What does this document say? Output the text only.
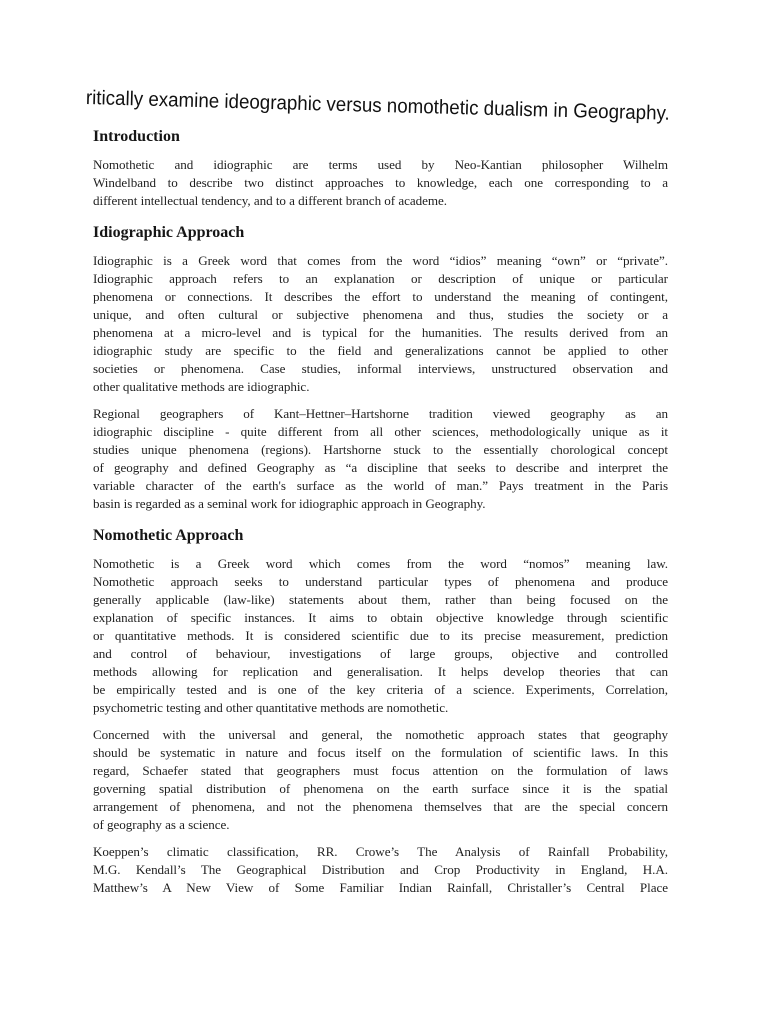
ritically examine ideographic versus nomothetic dualism in Geography.
Introduction

Nomothetic and idiographic are terms used by Neo-Kantian philosopher Wilhelm
Windelband to describe two distinct approaches to knowledge, each one corresponding to a
different intellectual tendency, and to a different branch of academe.

Idiographic Approach

Idiographic is a Greek word that comes from the word “idios” meaning “own” or “private”.
Idiographic approach refers to an explanation or description of unique or particular
phenomena or connections. It describes the effort to understand the meaning of contingent,
unique, and often cultural or subjective phenomena and thus, studies the society or a
phenomena at a micro-level and is typical for the humanities. The results derived from an
idiographic study are specific to the field and generalizations cannot be applied to other
societies or phenomena. Case studies, informal interviews, unstructured observation and
other qualitative methods are idiographic.

Regional geographers of Kant–Hettner–Hartshorne tradition viewed geography as an
idiographic discipline - quite different from all other sciences, methodologically unique as it
studies unique phenomena (regions). Hartshorne stuck to the essentially chorological concept
of geography and defined Geography as “a discipline that seeks to describe and interpret the
variable character of the earth's surface as the world of man.” Pays treatment in the Paris
basin is regarded as a seminal work for idiographic approach in Geography.

Nomothetic Approach

Nomothetic is a Greek word which comes from the word “nomos” meaning law.
Nomothetic approach seeks to understand particular types of phenomena and produce
generally applicable (law-like) statements about them, rather than being focused on the
explanation of specific instances. It aims to obtain objective knowledge through scientific
or quantitative methods. It is considered scientific due to its precise measurement, prediction
and control of behaviour, investigations of large groups, objective and controlled
methods allowing for replication and generalisation. It helps develop theories that can
be empirically tested and is one of the key criteria of a science. Experiments, Correlation,
psychometric testing and other quantitative methods are nomothetic.

Concerned with the universal and general, the nomothetic approach states that geography
should be systematic in nature and focus itself on the formulation of scientific laws. In this
regard, Schaefer stated that geographers must focus attention on the formulation of laws
governing spatial distribution of phenomena on the earth surface since it is the spatial
arrangement of phenomena, and not the phenomena themselves that are the special concern
of geography as a science.

Koeppen’s climatic classification, RR. Crowe’s The Analysis of Rainfall Probability,
M.G. Kendall’s The Geographical Distribution and Crop Productivity in England, H.A.
Matthew’s A New View of Some Familiar Indian Rainfall, Christaller’s Central Place
